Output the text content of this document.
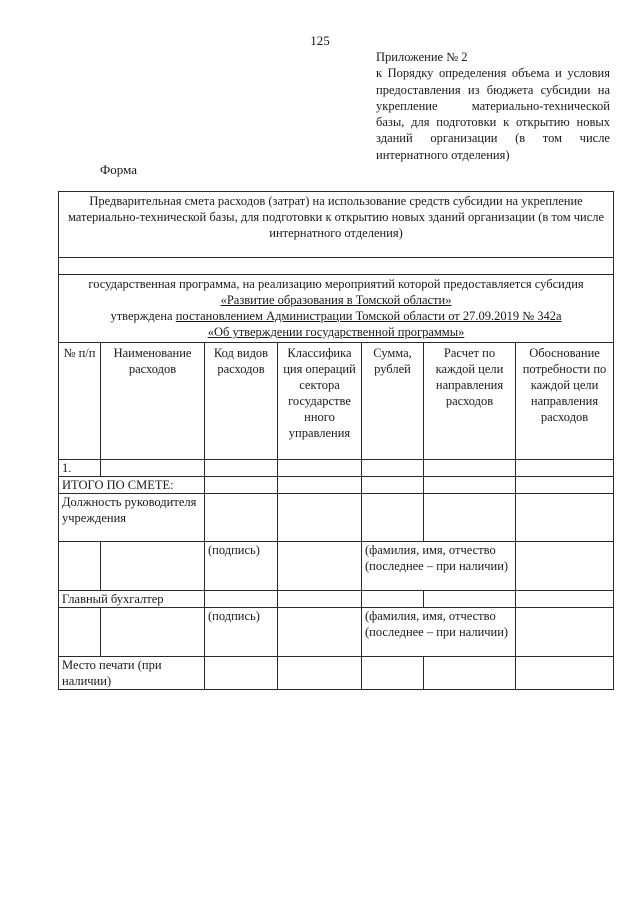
125
Приложение № 2
к Порядку определения объема и условия предоставления из бюджета субсидии на укрепление материально-технической базы, для подготовки к открытию новых зданий организации (в том числе интернатного отделения)
Форма
Предварительная смета расходов (затрат) на использование средств субсидии на укрепление материально-технической базы, для подготовки к открытию новых зданий организации (в том числе интернатного отделения)						

государственная программа, на реализацию мероприятий которой предоставляется субсидия «Развитие образования в Томской области»
утверждена постановлением Администрации Томской области от 27.09.2019 № 342а
«Об утверждении государственной программы»						
№ п/п	Наименование расходов	Код видов расходов	Классифика ция операций сектора государстве нного управления	Сумма, рублей	Расчет по каждой цели направления расходов	Обоснование потребности по каждой цели направления расходов
1.						
ИТОГО ПО СМЕТЕ:						
Должность руководителя учреждения						
		(подпись)		(фамилия, имя, отчество (последнее – при наличии)		
Главный бухгалтер						
		(подпись)		(фамилия, имя, отчество (последнее – при наличии)		
Место печати (при наличии)						
